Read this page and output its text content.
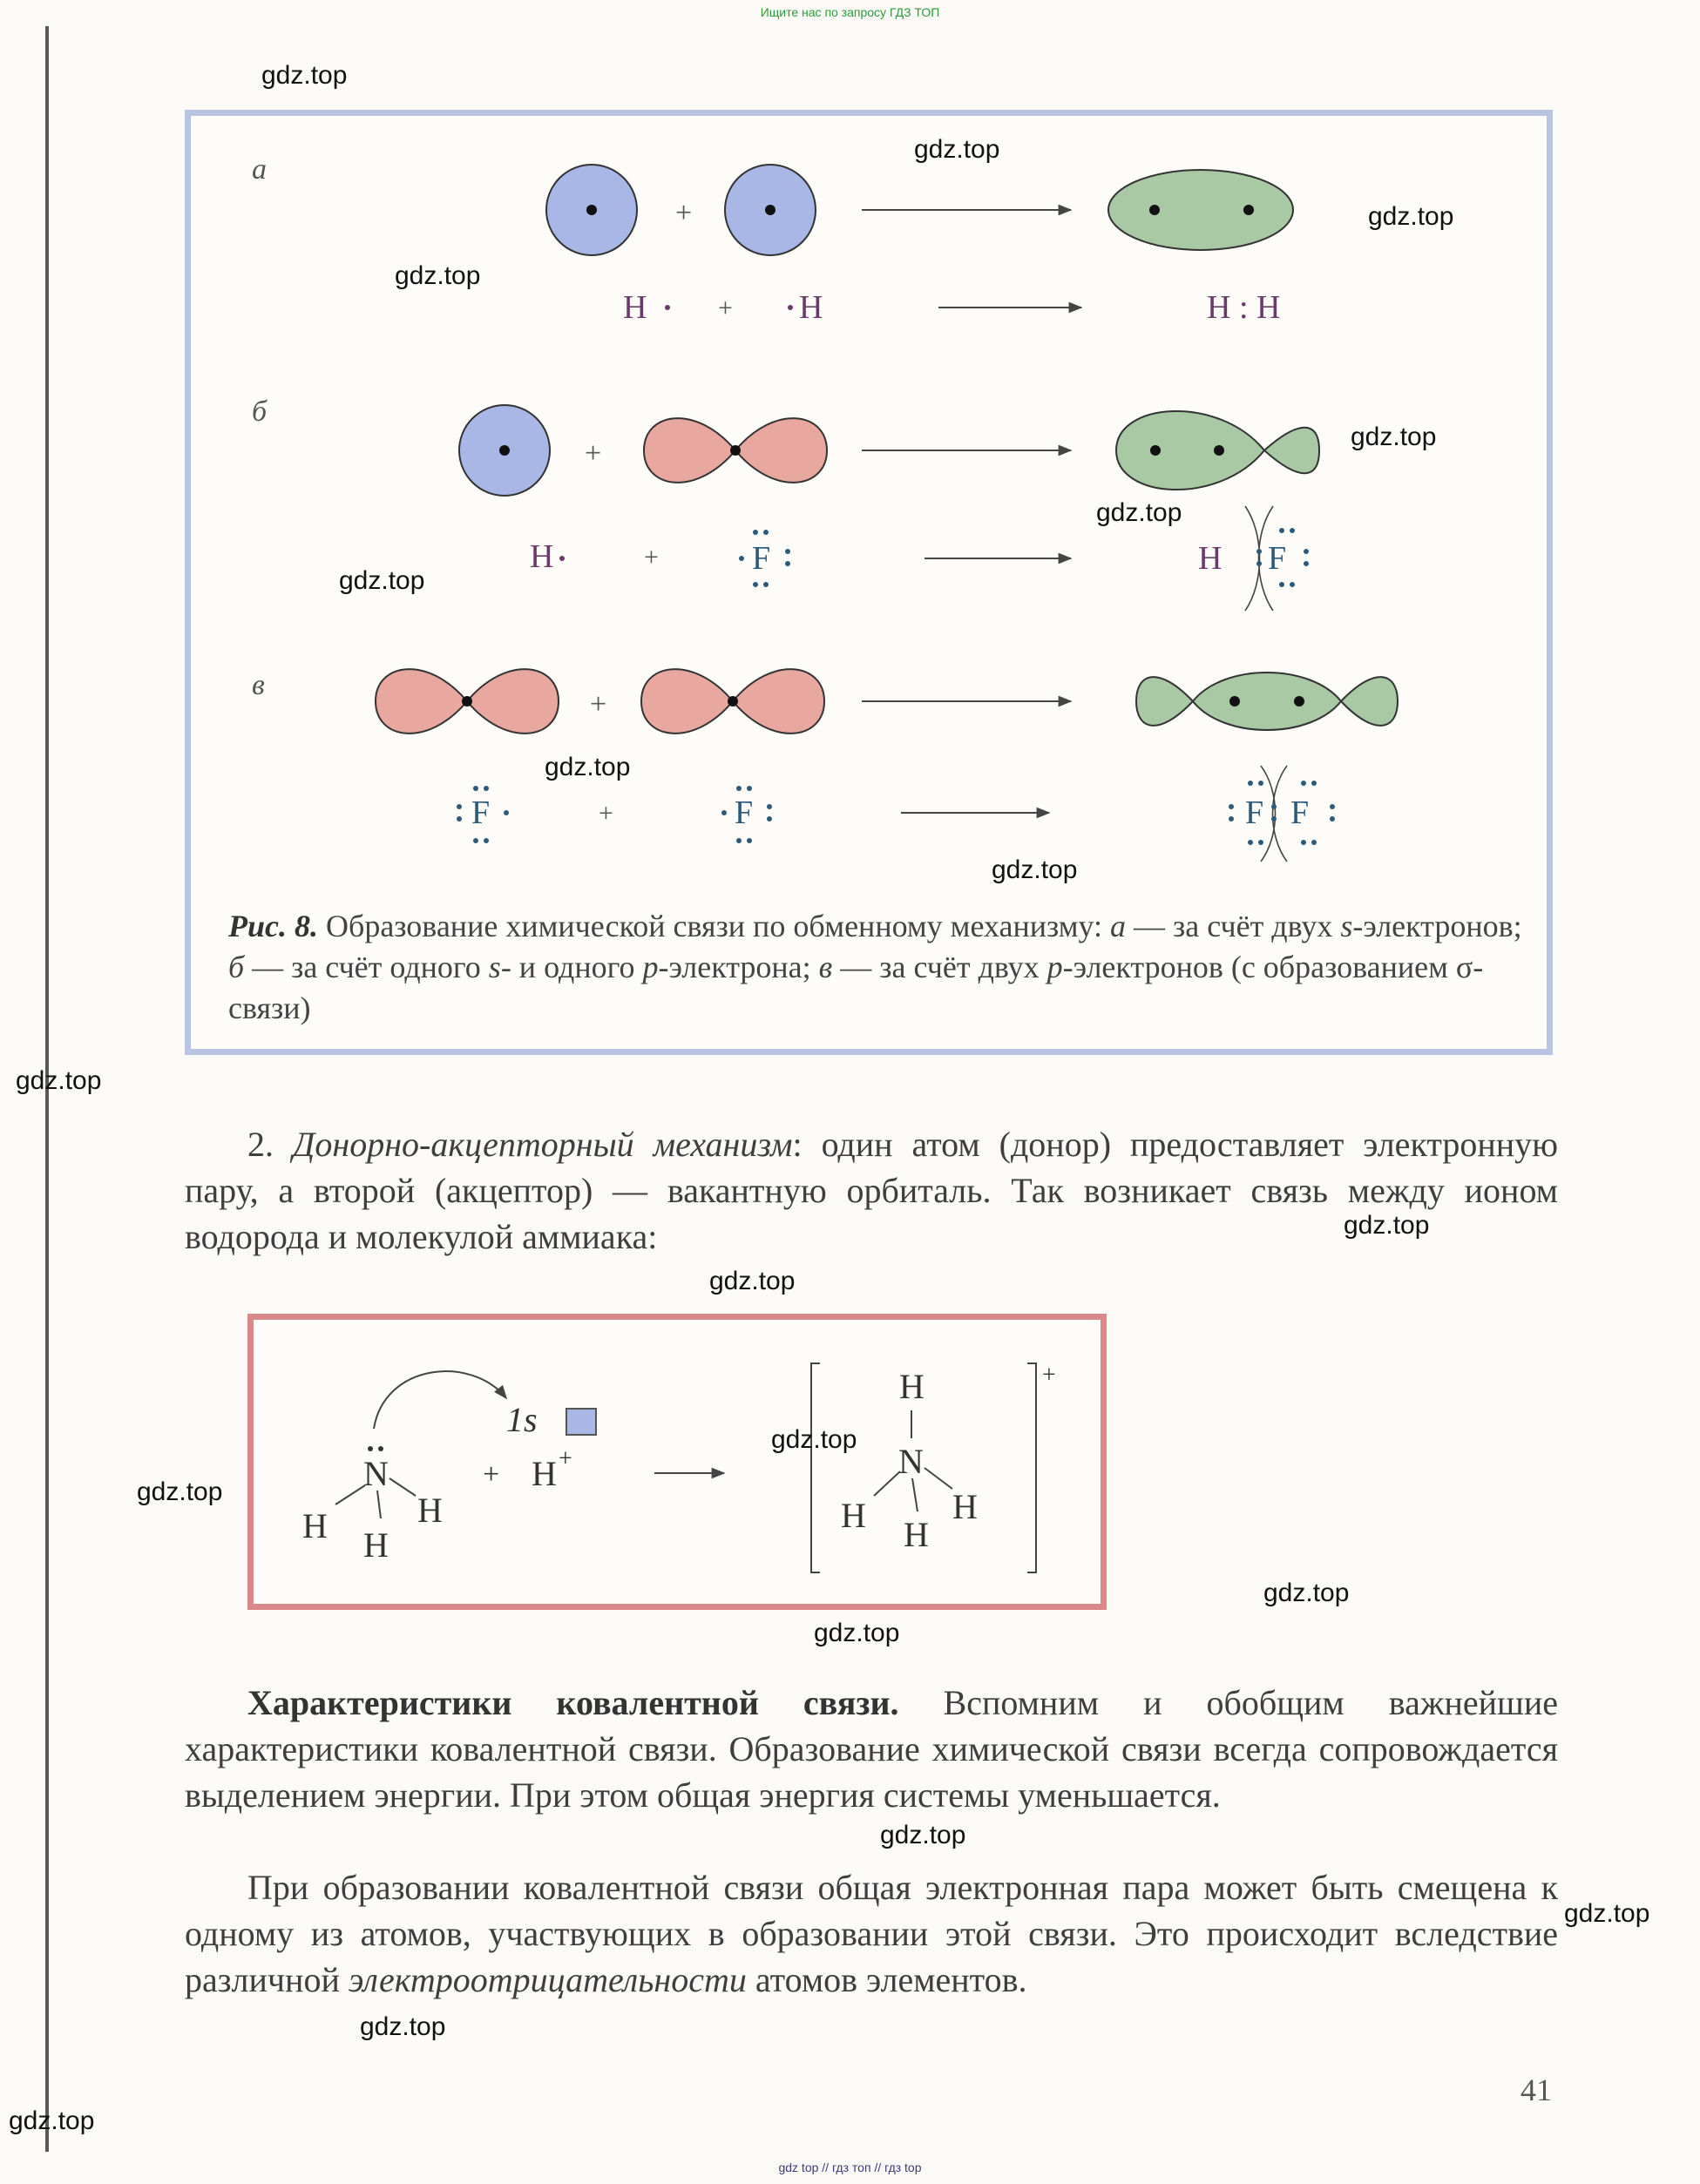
Ищите нас по запросу ГДЗ ТОП
а
+
H	+ H	H : H
б
+
H	+	F	H F
в
+
F	+	F	F F
Рис. 8. Образование химической связи по обменному механизму: а — за счёт двух s-электронов; б — за счёт одного s- и одного p-электрона; в — за счёт двух p-электронов (с образованием σ-связи)
2. Донорно-акцепторный механизм: один атом (донор) предоставляет электронную пару, а второй (акцептор) — вакантную орбиталь. Так возникает связь между ионом водорода и молекулой аммиака:
1s
N
H	H
H
+ H +
+
H
N
H H
H
Характеристики ковалентной связи. Вспомним и обобщим важнейшие характеристики ковалентной связи. Образование химической связи всегда сопровождается выделением энергии. При этом общая энергия системы уменьшается.
При образовании ковалентной связи общая электронная пара может быть смещена к одному из атомов, участвующих в образовании этой связи. Это происходит вследствие различной электроотрицательности атомов элементов.
41
gdz.top
gdz.top
gdz.top
gdz.top
gdz.top
gdz.top
gdz.top
gdz.top
gdz.top
gdz.top
gdz.top
gdz.top
gdz.top
gdz.top
gdz.top
gdz.top
gdz.top
gdz.top
gdz.top
gdz.top
gdz top // гдз топ // гдз top
